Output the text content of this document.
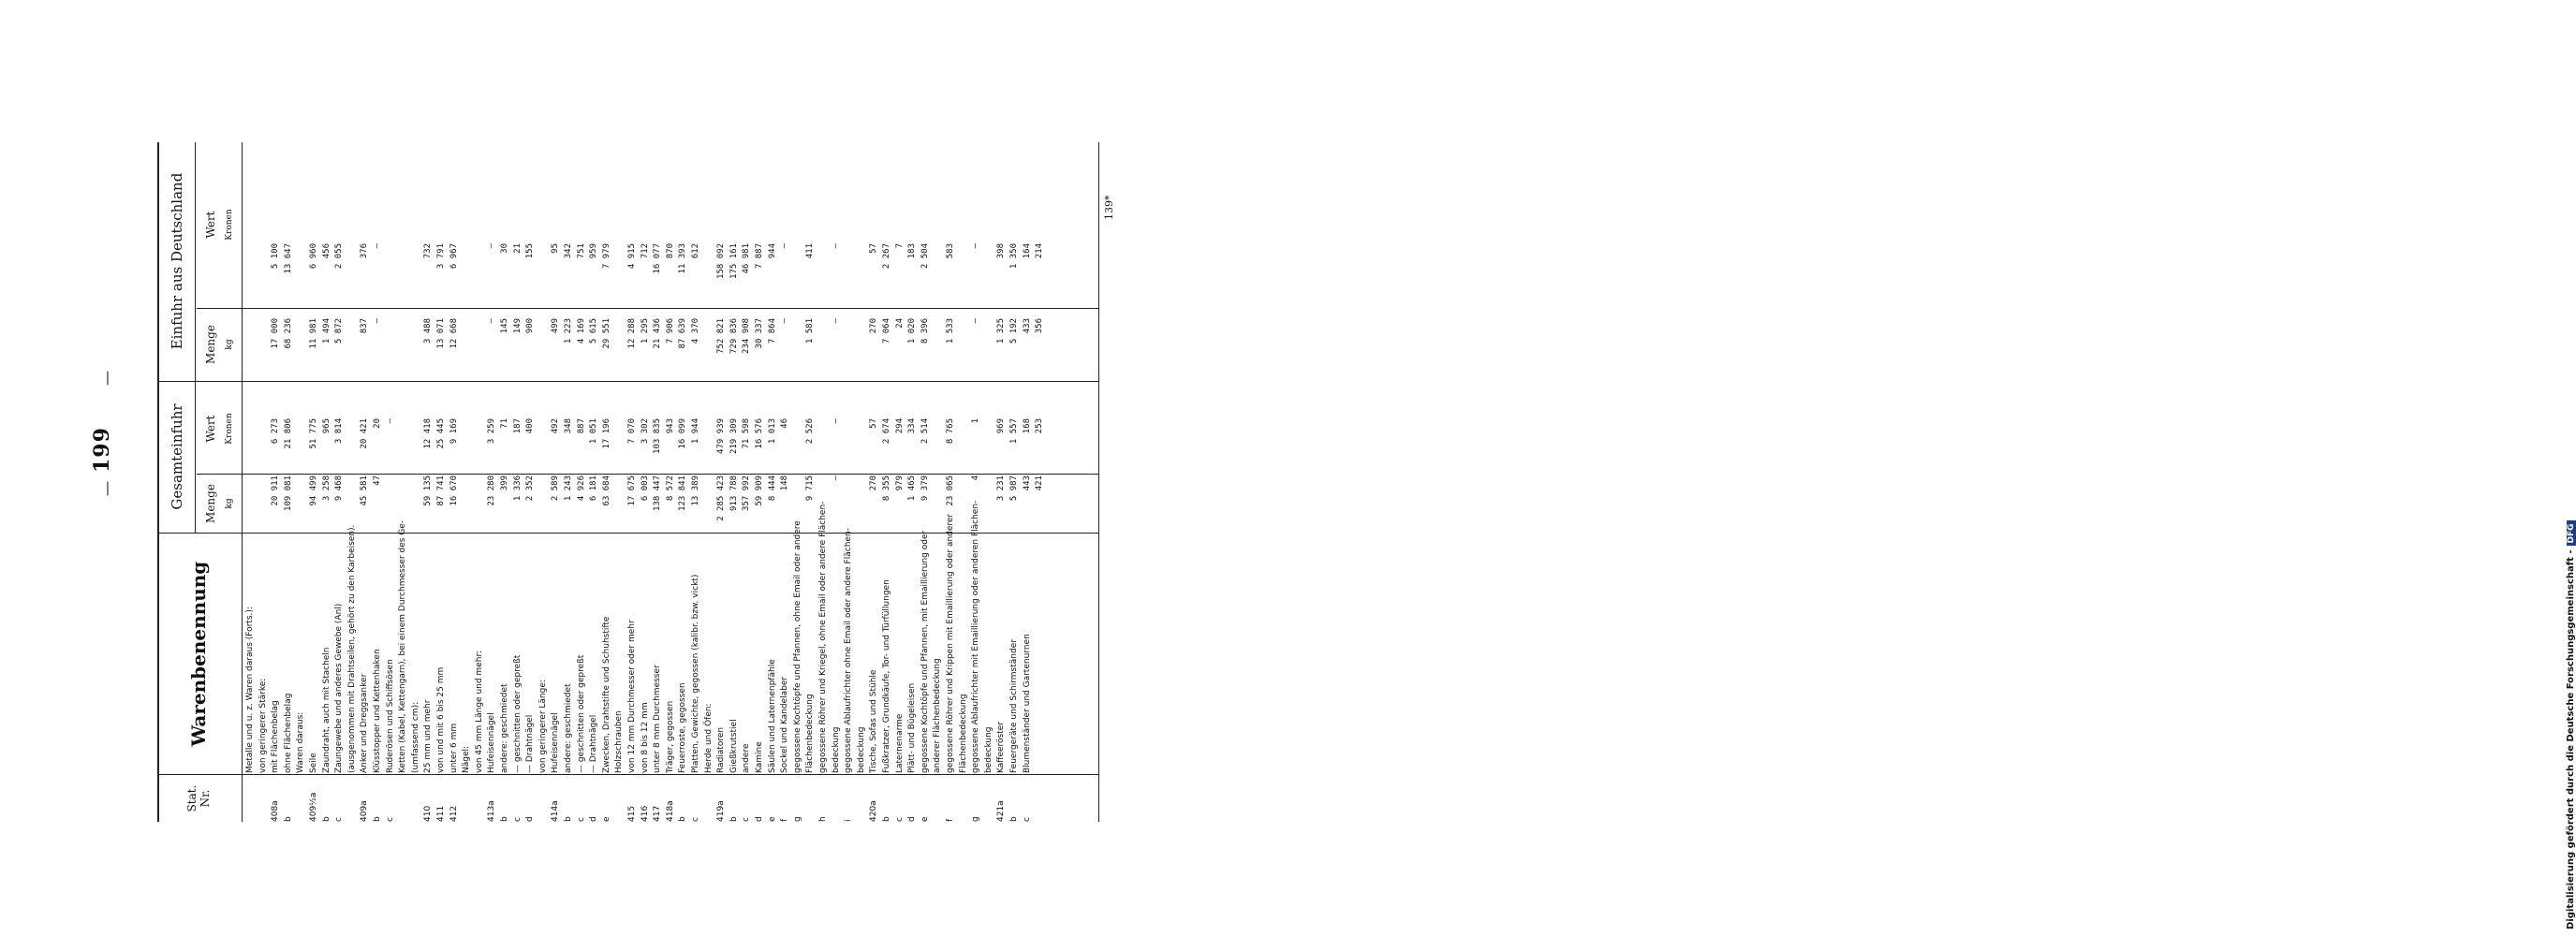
—
199
—
Stat.
Nr.
Warenbenennung
Gesamteinfuhr
Einfuhr aus Deutschland
Menge kg
Wert Kronen
Menge kg
Wert Kronen
Metalle und u. z. Waren daraus (Forts.): von geringerer Stärke:
408a
mit Flächenbelag
20 911
6 273
17 000
5 100
b
ohne Flächenbelag
109 081
21 806
68 236
13 647
Waren daraus:
409½a
Seile
94 499
51 775
11 981
6 960
b
Zaundraht, auch mit Stacheln
3 258
965
1 494
456
c
Zaungewebe und anderes Gewebe (Anl)
9 468
3 814
5 872
2 055
(ausgenommen mit Drahtseilen, gehört zu den Karbeisen).
409a
Anker und Dreggsanker
45 581
20 421
837
376
b
Klüsstopper und Kettenhaken
47
20
—
—
c
Ruderösen und Schiffsösen
—
Ketten (Kabel, Kettengarn), bei einem Durchmesser des Ge- (umfassend cm):
410
25 mm und mehr
59 135
12 418
3 488
732
411
von und mit 6 bis 25 mm
87 741
25 445
13 071
3 791
412
unter 6 mm
16 670
9 169
12 668
6 967
Nägel: von 45 mm Länge und mehr:
413a
Hufeisennägel
23 280
3 259
—
—
b
andere: geschmiedet
399
71
145
30
c
— geschnitten oder gepreßt
1 336
187
149
21
d
— Drahtnägel
2 352
400
900
155
von geringerer Länge:
414a
Hufeisennägel
2 589
492
499
95
b
andere: geschmiedet
1 243
348
1 223
342
c
— geschnitten oder gepreßt
4 926
887
4 169
751
d
— Drahtnägel
6 181
1 051
5 615
959
e
Zwecken, Drahtstifte und Schuhstifte
63 684
17 196
29 551
7 979
Holzschrauben
415
von 12 mm Durchmesser oder mehr
17 675
7 070
12 288
4 915
416
von 8 bis 12 mm
6 003
3 302
1 295
712
417
unter 8 mm Durchmesser
138 447
103 835
21 436
16 077
418a
Träger, gegossen
8 572
943
7 906
870
b
Feuerroste, gegossen
123 841
16 099
87 639
11 393
c
Platten, Gewichte, gegossen (kalibr. bzw. vickt)
13 389
1 944
4 370
612
Herde und Öfen:
419a
Radiatoren
2 285 423
479 939
752 821
158 092
b
Gießkrutstiel
913 788
219 309
729 836
175 161
c
andere
357 992
71 598
234 908
46 981
d
Kamine
59 909
16 576
30 337
7 887
e
Säulen und Laternenpfähle
8 444
1 013
7 864
944
f
Sockel und Kandelaber
148
46
—
—
g
gegossene Kochtöpfe und Pfannen, ohne Email oder andere Flächenbedeckung
9 715
2 526
1 581
411
h
gegossene Röhrer und Kriegel, ohne Email oder andere Flächen- bedeckung
—
—
—
—
i
gegossene Ablaufrichter ohne Email oder andere Flächen- bedeckung
420a
Tische, Sofas und Stühle
270
57
270
57
b
Fußkratzer, Grundkäufe, Tor- und Türfüllungen
8 355
2 674
7 064
2 267
c
Laternenarme
979
294
24
7
d
Plätt- und Bügeleisen
1 465
334
1 020
183
e
gegossene Kochtöpfe und Pfannen, mit Emaillierung oder
9 379
2 514
8 396
2 504
anderer Flächenbedeckung
f
gegossene Röhrer und Krippen mit Emaillierung oder anderer
23 065
8 765
1 533
583
Flächenbedeckung
g
gegossene Ablaufrichter mit Emaillierung oder anderen Flächen-
4
1
—
—
bedeckung
421a
Kaffeeröster
3 231
969
1 325
398
b
Feuergeräte und Schirmständer
5 987
1 557
5 192
1 350
c
Blumenständer und Gartenurnen
443
168
433
164
421
253
356
214
139*
Digitalisierung gefördert durch die Deutsche Forschungsgemeinschaft -DFG
